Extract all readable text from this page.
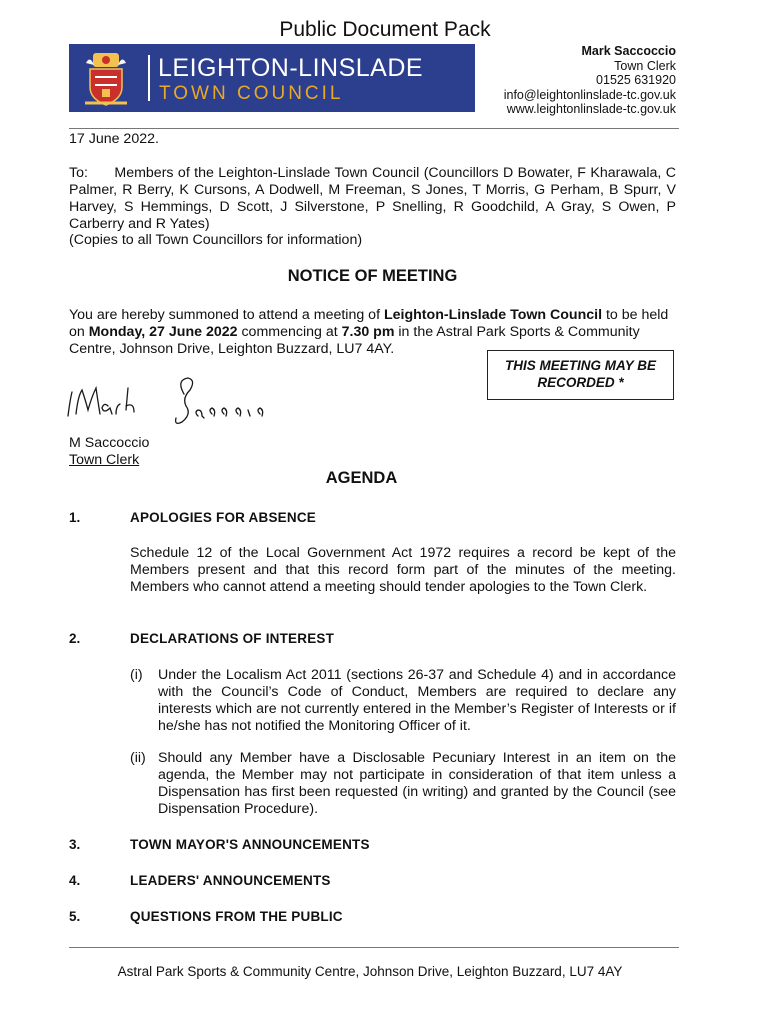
Public Document Pack
LEIGHTON-LINSLADE
TOWN COUNCIL
Mark Saccoccio
Town Clerk
01525 631920
info@leightonlinslade-tc.gov.uk
www.leightonlinslade-tc.gov.uk
17 June 2022.
To: Members of the Leighton-Linslade Town Council (Councillors D Bowater, F Kharawala, C Palmer, R Berry, K Cursons, A Dodwell, M Freeman, S Jones, T Morris, G Perham, B Spurr, V Harvey, S Hemmings, D Scott, J Silverstone, P Snelling, R Goodchild, A Gray, S Owen, P Carberry and R Yates)
(Copies to all Town Councillors for information)
NOTICE OF MEETING
You are hereby summoned to attend a meeting of Leighton-Linslade Town Council to be held on Monday, 27 June 2022 commencing at 7.30 pm in the Astral Park Sports & Community Centre, Johnson Drive, Leighton Buzzard, LU7 4AY.
THIS MEETING MAY BE RECORDED *
M Saccoccio
Town Clerk
AGENDA
1.	APOLOGIES FOR ABSENCE
Schedule 12 of the Local Government Act 1972 requires a record be kept of the Members present and that this record form part of the minutes of the meeting. Members who cannot attend a meeting should tender apologies to the Town Clerk.
2.	DECLARATIONS OF INTEREST
(i) Under the Localism Act 2011 (sections 26-37 and Schedule 4) and in accordance with the Council’s Code of Conduct, Members are required to declare any interests which are not currently entered in the Member’s Register of Interests or if he/she has not notified the Monitoring Officer of it.
(ii) Should any Member have a Disclosable Pecuniary Interest in an item on the agenda, the Member may not participate in consideration of that item unless a Dispensation has first been requested (in writing) and granted by the Council (see Dispensation Procedure).
3.	TOWN MAYOR'S ANNOUNCEMENTS
4.	LEADERS' ANNOUNCEMENTS
5.	QUESTIONS FROM THE PUBLIC
Astral Park Sports & Community Centre, Johnson Drive, Leighton Buzzard, LU7 4AY
